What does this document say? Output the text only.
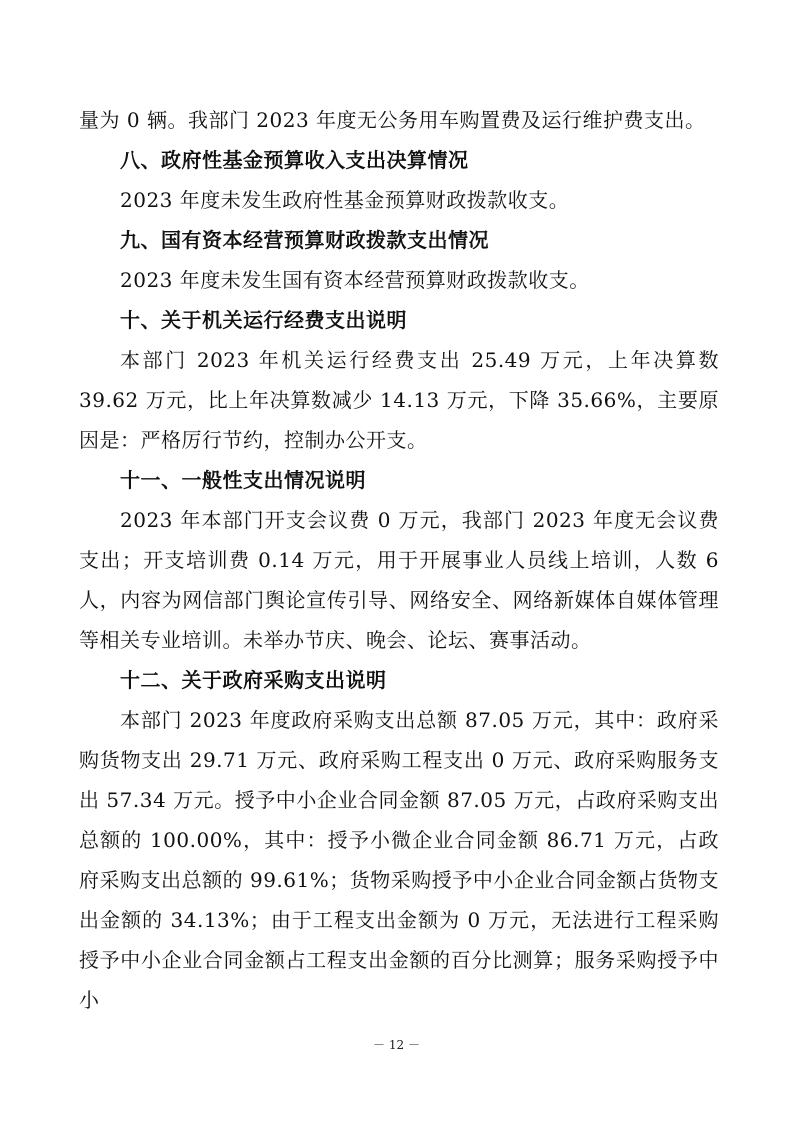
量为 0 辆。我部门 2023 年度无公务用车购置费及运行维护费支出。

八、政府性基金预算收入支出决算情况

2023 年度未发生政府性基金预算财政拨款收支。

九、国有资本经营预算财政拨款支出情况

2023 年度未发生国有资本经营预算财政拨款收支。

十、关于机关运行经费支出说明

本部门 2023 年机关运行经费支出 25.49 万元，上年决算数 39.62 万元，比上年决算数减少 14.13 万元，下降 35.66%，主要原因是：严格厉行节约，控制办公开支。

十一、一般性支出情况说明

2023 年本部门开支会议费 0 万元，我部门 2023 年度无会议费支出；开支培训费 0.14 万元，用于开展事业人员线上培训，人数 6 人，内容为网信部门舆论宣传引导、网络安全、网络新媒体自媒体管理等相关专业培训。未举办节庆、晚会、论坛、赛事活动。

十二、关于政府采购支出说明

本部门 2023 年度政府采购支出总额 87.05 万元，其中：政府采购货物支出 29.71 万元、政府采购工程支出 0 万元、政府采购服务支出 57.34 万元。授予中小企业合同金额 87.05 万元，占政府采购支出总额的 100.00%，其中：授予小微企业合同金额 86.71 万元，占政府采购支出总额的 99.61%；货物采购授予中小企业合同金额占货物支出金额的 34.13%；由于工程支出金额为 0 万元，无法进行工程采购授予中小企业合同金额占工程支出金额的百分比测算；服务采购授予中小

－ 12 －
